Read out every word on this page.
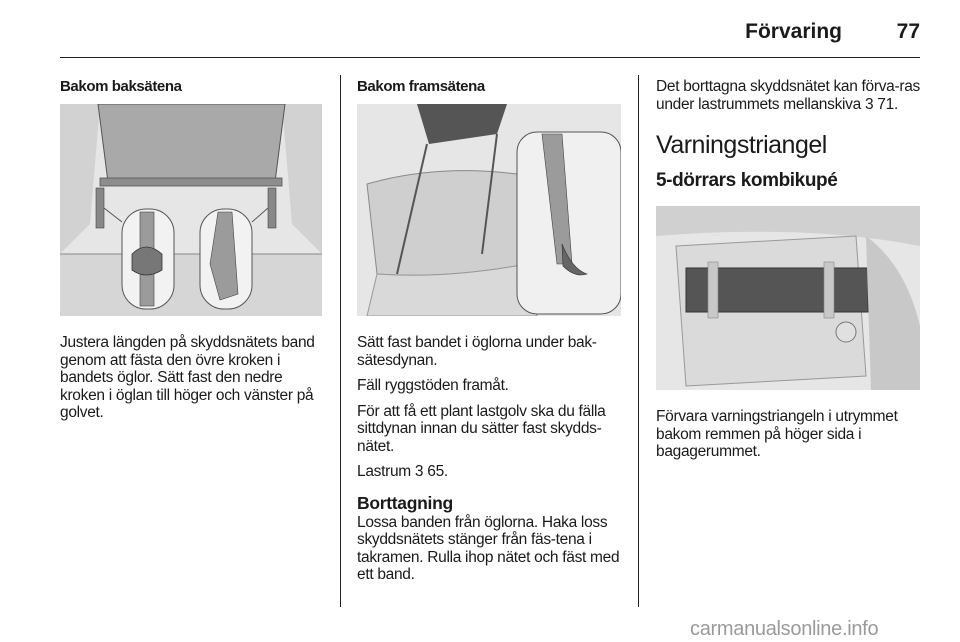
Förvaring	77
Bakom baksätena

Justera längden på skyddsnätets band genom att fästa den övre kroken i bandets öglor. Sätt fast den nedre kroken i öglan till höger och vänster på golvet.

Bakom framsätena

Sätt fast bandet i öglorna under bak-sätesdynan.

Fäll ryggstöden framåt.

För att få ett plant lastgolv ska du fälla sittdynan innan du sätter fast skydds-nätet.

Lastrum 3 65.

Borttagning

Lossa banden från öglorna. Haka loss skyddsnätets stänger från fäs-tena i takramen. Rulla ihop nätet och fäst med ett band.

Det borttagna skyddsnätet kan förva-ras under lastrummets mellanskiva 3 71.

Varningstriangel
5-dörrars kombikupé

Förvara varningstriangeln i utrymmet bakom remmen på höger sida i bagagerummet.

carmanualsonline.info
